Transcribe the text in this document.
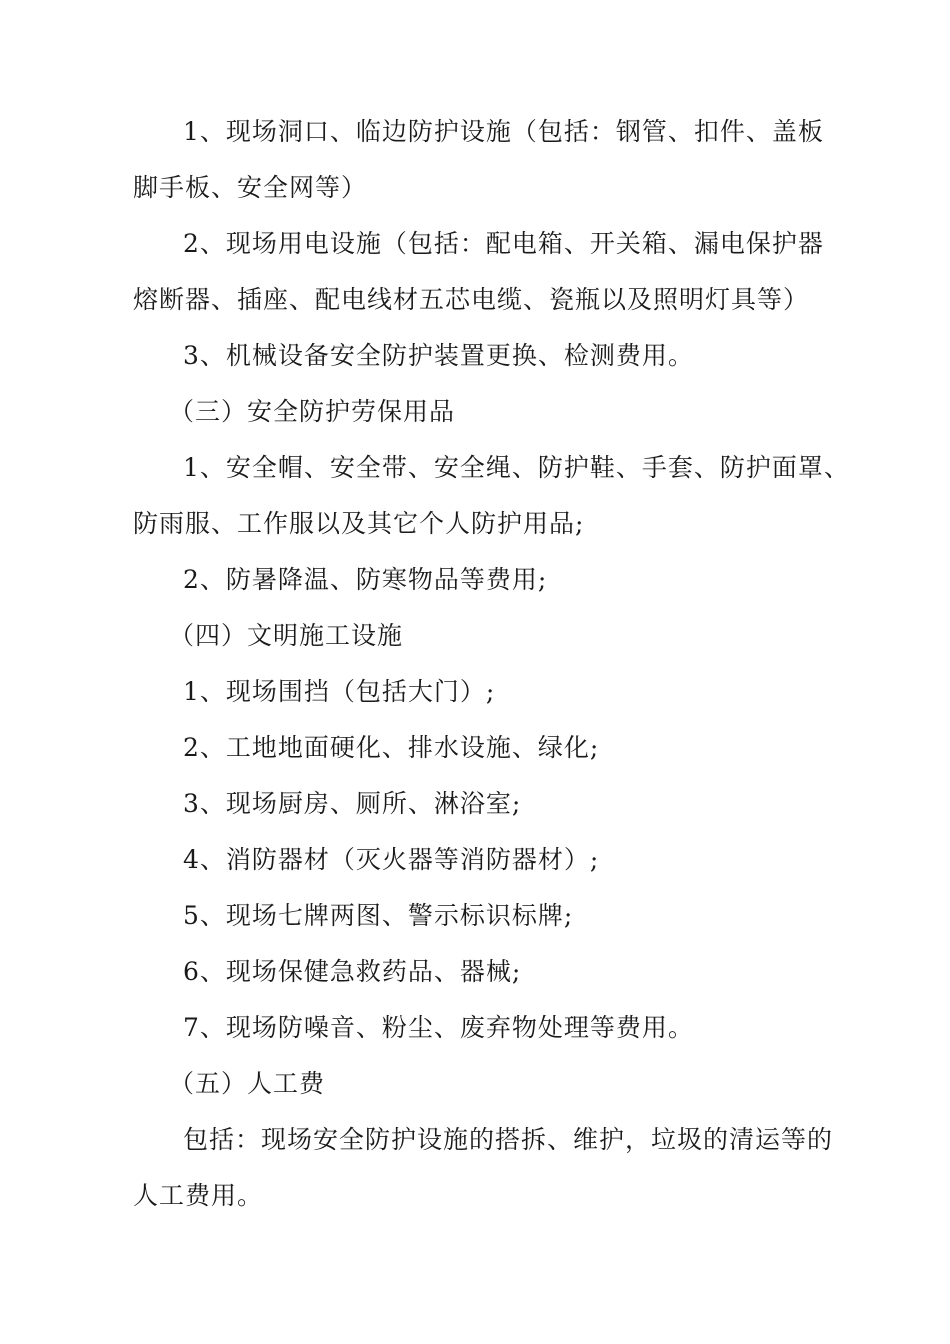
1、现场洞口、临边防护设施（包括：钢管、扣件、盖板

脚手板、安全网等）

2、现场用电设施（包括：配电箱、开关箱、漏电保护器

熔断器、插座、配电线材五芯电缆、瓷瓶以及照明灯具等）

3、机械设备安全防护装置更换、检测费用。

（三）安全防护劳保用品

1、安全帽、安全带、安全绳、防护鞋、手套、防护面罩、

防雨服、工作服以及其它个人防护用品;

2、防暑降温、防寒物品等费用;

（四）文明施工设施

1、现场围挡（包括大门）;

2、工地地面硬化、排水设施、绿化;

3、现场厨房、厕所、淋浴室;

4、消防器材（灭火器等消防器材）;

5、现场七牌两图、警示标识标牌;

6、现场保健急救药品、器械;

7、现场防噪音、粉尘、废弃物处理等费用。

（五）人工费

包括：现场安全防护设施的搭拆、维护，垃圾的清运等的

人工费用。
